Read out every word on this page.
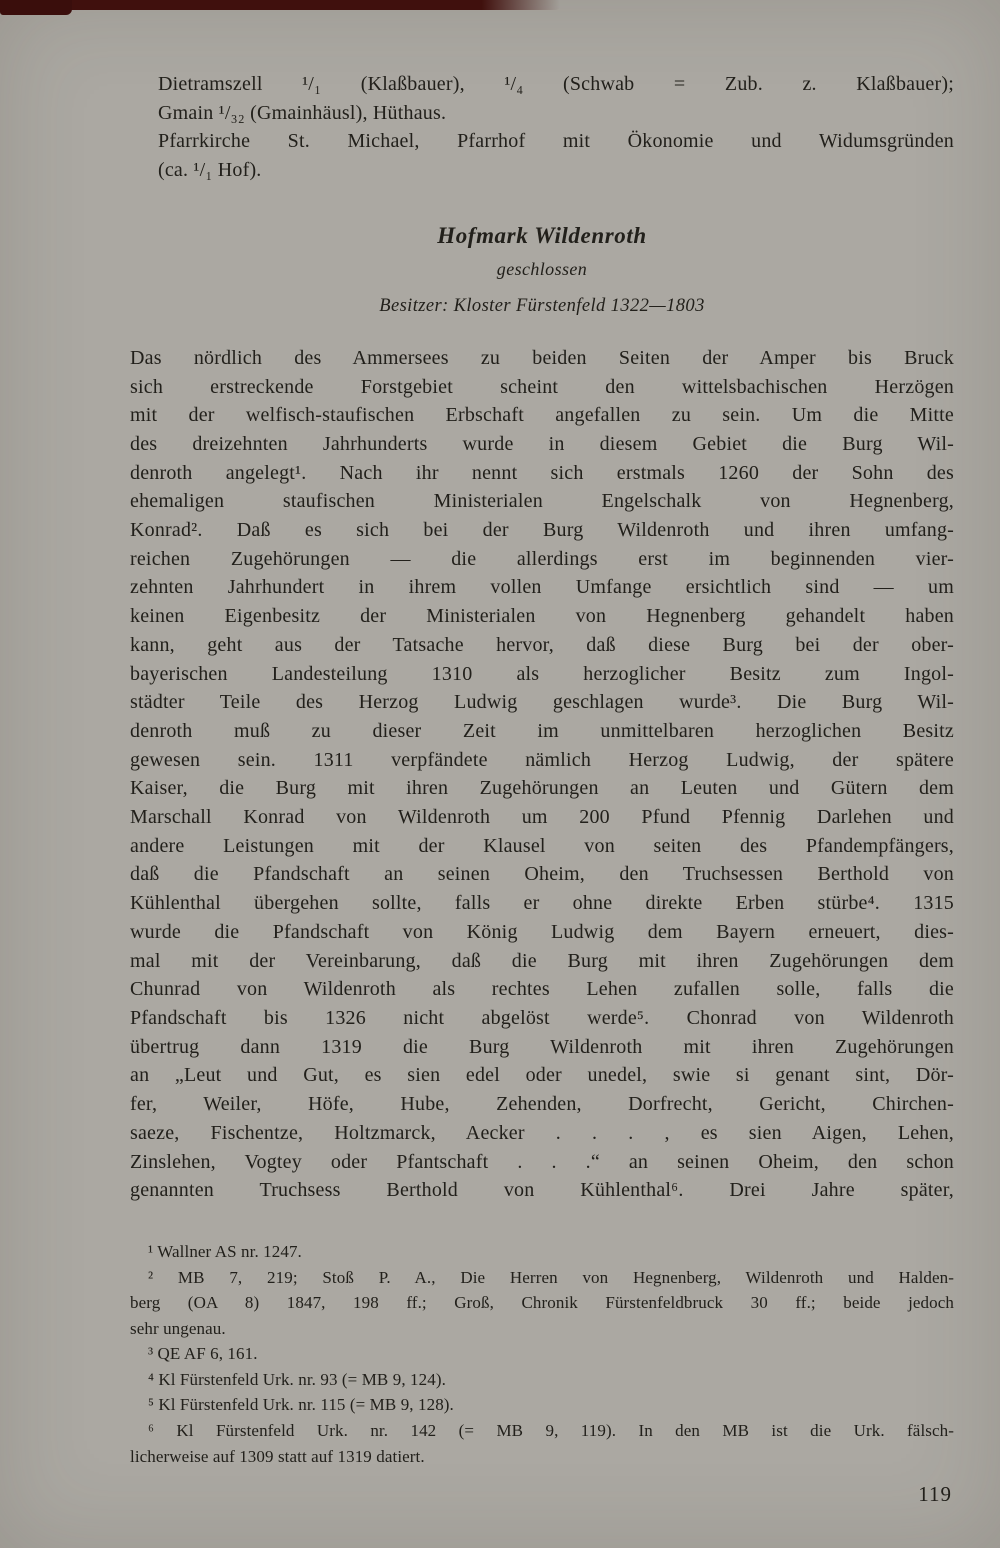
Dietramszell ¹/₁ (Klaßbauer), ¹/₄ (Schwab = Zub. z. Klaßbauer);
Gmain ¹/₃₂ (Gmainhäusl), Hüthaus.
Pfarrkirche St. Michael, Pfarrhof mit Ökonomie und Widumsgründen
(ca. ¹/₁ Hof).
Hofmark Wildenroth
geschlossen
Besitzer: Kloster Fürstenfeld 1322—1803
Das nördlich des Ammersees zu beiden Seiten der Amper bis Bruck
sich erstreckende Forstgebiet scheint den wittelsbachischen Herzögen
mit der welfisch-staufischen Erbschaft angefallen zu sein. Um die Mitte
des dreizehnten Jahrhunderts wurde in diesem Gebiet die Burg Wil-
denroth angelegt¹. Nach ihr nennt sich erstmals 1260 der Sohn des
ehemaligen staufischen Ministerialen Engelschalk von Hegnenberg,
Konrad². Daß es sich bei der Burg Wildenroth und ihren umfang-
reichen Zugehörungen — die allerdings erst im beginnenden vier-
zehnten Jahrhundert in ihrem vollen Umfange ersichtlich sind — um
keinen Eigenbesitz der Ministerialen von Hegnenberg gehandelt haben
kann, geht aus der Tatsache hervor, daß diese Burg bei der ober-
bayerischen Landesteilung 1310 als herzoglicher Besitz zum Ingol-
städter Teile des Herzog Ludwig geschlagen wurde³. Die Burg Wil-
denroth muß zu dieser Zeit im unmittelbaren herzoglichen Besitz
gewesen sein. 1311 verpfändete nämlich Herzog Ludwig, der spätere
Kaiser, die Burg mit ihren Zugehörungen an Leuten und Gütern dem
Marschall Konrad von Wildenroth um 200 Pfund Pfennig Darlehen und
andere Leistungen mit der Klausel von seiten des Pfandempfängers,
daß die Pfandschaft an seinen Oheim, den Truchsessen Berthold von
Kühlenthal übergehen sollte, falls er ohne direkte Erben stürbe⁴. 1315
wurde die Pfandschaft von König Ludwig dem Bayern erneuert, dies-
mal mit der Vereinbarung, daß die Burg mit ihren Zugehörungen dem
Chunrad von Wildenroth als rechtes Lehen zufallen solle, falls die
Pfandschaft bis 1326 nicht abgelöst werde⁵. Chonrad von Wildenroth
übertrug dann 1319 die Burg Wildenroth mit ihren Zugehörungen
an „Leut und Gut, es sien edel oder unedel, swie si genant sint, Dör-
fer, Weiler, Höfe, Hube, Zehenden, Dorfrecht, Gericht, Chirchen-
saeze, Fischentze, Holtzmarck, Aecker . . . , es sien Aigen, Lehen,
Zinslehen, Vogtey oder Pfantschaft . . .“ an seinen Oheim, den schon
genannten Truchsess Berthold von Kühlenthal⁶. Drei Jahre später,
¹ Wallner AS nr. 1247.
² MB 7, 219; Stoß P. A., Die Herren von Hegnenberg, Wildenroth und Halden-
berg (OA 8) 1847, 198 ff.; Groß, Chronik Fürstenfeldbruck 30 ff.; beide jedoch
sehr ungenau.
³ QE AF 6, 161.
⁴ Kl Fürstenfeld Urk. nr. 93 (= MB 9, 124).
⁵ Kl Fürstenfeld Urk. nr. 115 (= MB 9, 128).
⁶ Kl Fürstenfeld Urk. nr. 142 (= MB 9, 119). In den MB ist die Urk. fälsch-
licherweise auf 1309 statt auf 1319 datiert.
119
